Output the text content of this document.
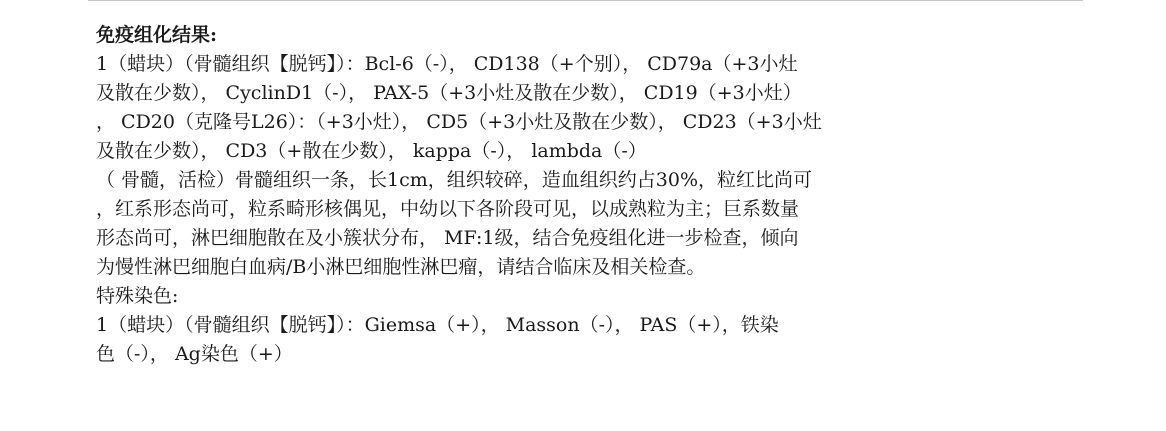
免疫组化结果:
1（蜡块）（骨髓组织【脱钙】）：Bcl-6（-）， CD138（+个别）， CD79a（+3小灶
及散在少数）， CyclinD1（-）， PAX-5（+3小灶及散在少数）， CD19（+3小灶）
， CD20（克隆号L26）：（+3小灶）， CD5（+3小灶及散在少数）， CD23（+3小灶
及散在少数）， CD3（+散在少数）， kappa（-）， lambda（-）
（ 骨髓，活检）骨髓组织一条，长1cm，组织较碎，造血组织约占30%，粒红比尚可
，红系形态尚可，粒系畸形核偶见，中幼以下各阶段可见，以成熟粒为主；巨系数量
形态尚可，淋巴细胞散在及小簇状分布， MF:1级，结合免疫组化进一步检查，倾向
为慢性淋巴细胞白血病/B小淋巴细胞性淋巴瘤，请结合临床及相关检查。
特殊染色:
1（蜡块）（骨髓组织【脱钙】）：Giemsa（+）， Masson（-）， PAS（+），铁染
色（-）， Ag染色（+）
